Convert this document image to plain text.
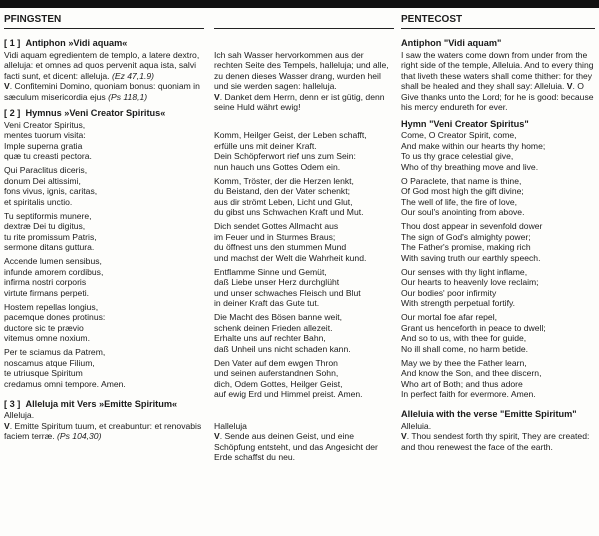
PFINGSTEN

[ 1 ] Antiphon »Vidi aquam«

Vidi aquam egredientem de templo, a latere dextro, alleluja: et omnes ad quos pervenit aqua ista, salvi facti sunt, et dicent: alleluja. (Ez 47,1.9)

V. Confitemini Domino, quoniam bonus: quoniam in sæculum misericordia ejus (Ps 118,1)

[ 2 ] Hymnus »Veni Creator Spiritus«

Veni Creator Spiritus,
mentes tuorum visita:
Imple superna gratia
quæ tu creasti pectora.
Qui Paraclitus diceris,
donum Dei altissimi,
fons vivus, ignis, caritas,
et spiritalis unctio.
Tu septiformis munere,
dextræ Dei tu digitus,
tu rite promissum Patris,
sermone ditans guttura.
Accende lumen sensibus,
infunde amorem cordibus,
infirma nostri corporis
virtute firmans perpeti.
Hostem repellas longius,
pacemque dones protinus:
ductore sic te prævio
vitemus omne noxium.
Per te sciamus da Patrem,
noscamus atque Filium,
te utriusque Spiritum
credamus omni tempore. Amen.

[ 3 ] Alleluja mit Vers »Emitte Spiritum«

Alleluja.

V. Emitte Spiritum tuum, et creabuntur: et renovabis faciem terræ. (Ps 104,30)

Ich sah Wasser hervorkommen aus der rechten Seite des Tempels, halleluja; und alle, zu denen dieses Wasser drang, wurden heil und sie werden sagen: halleluja.

V. Danket dem Herrn, denn er ist gütig, denn seine Huld währt ewig!

Komm, Heilger Geist, der Leben schafft,
erfülle uns mit deiner Kraft.
Dein Schöpferwort rief uns zum Sein:
nun hauch uns Gottes Odem ein.
Komm, Tröster, der die Herzen lenkt,
du Beistand, den der Vater schenkt;
aus dir strömt Leben, Licht und Glut,
du gibst uns Schwachen Kraft und Mut.
Dich sendet Gottes Allmacht aus
im Feuer und in Sturmes Braus;
du öffnest uns den stummen Mund
und machst der Welt die Wahrheit kund.
Entflamme Sinne und Gemüt,
daß Liebe unser Herz durchglüht
und unser schwaches Fleisch und Blut
in deiner Kraft das Gute tut.
Die Macht des Bösen banne weit,
schenk deinen Frieden allezeit.
Erhalte uns auf rechter Bahn,
daß Unheil uns nicht schaden kann.
Den Vater auf dem ewgen Thron
und seinen auferstandnen Sohn,
dich, Odem Gottes, Heilger Geist,
auf ewig Erd und Himmel preist. Amen.

Halleluja

V. Sende aus deinen Geist, und eine Schöpfung entsteht, und das Angesicht der Erde schaffst du neu.

PENTECOST

Antiphon "Vidi aquam"

I saw the waters come down from under from the right side of the temple, Alleluia. And to every thing that liveth these waters shall come thither: for they shall be healed and they shall say: Alleluia. V. O Give thanks unto the Lord; for he is good: because his mercy endureth for ever.

Hymn "Veni Creator Spiritus"

Come, O Creator Spirit, come,
And make within our hearts thy home;
To us thy grace celestial give,
Who of thy breathing move and live.
O Paraclete, that name is thine,
Of God most high the gift divine;
The well of life, the fire of love,
Our soul's anointing from above.
Thou dost appear in sevenfold dower
The sign of God's almighty power;
The Father's promise, making rich
With saving truth our earthly speech.
Our senses with thy light inflame,
Our hearts to heavenly love reclaim;
Our bodies' poor infirmity
With strength perpetual fortify.
Our mortal foe afar repel,
Grant us henceforth in peace to dwell;
And so to us, with thee for guide,
No ill shall come, no harm betide.
May we by thee the Father learn,
And know the Son, and thee discern,
Who art of Both; and thus adore
In perfect faith for evermore. Amen.

Alleluia with the verse "Emitte Spiritum"

Alleluia.

V. Thou sendest forth thy spirit, They are created: and thou renewest the face of the earth.
